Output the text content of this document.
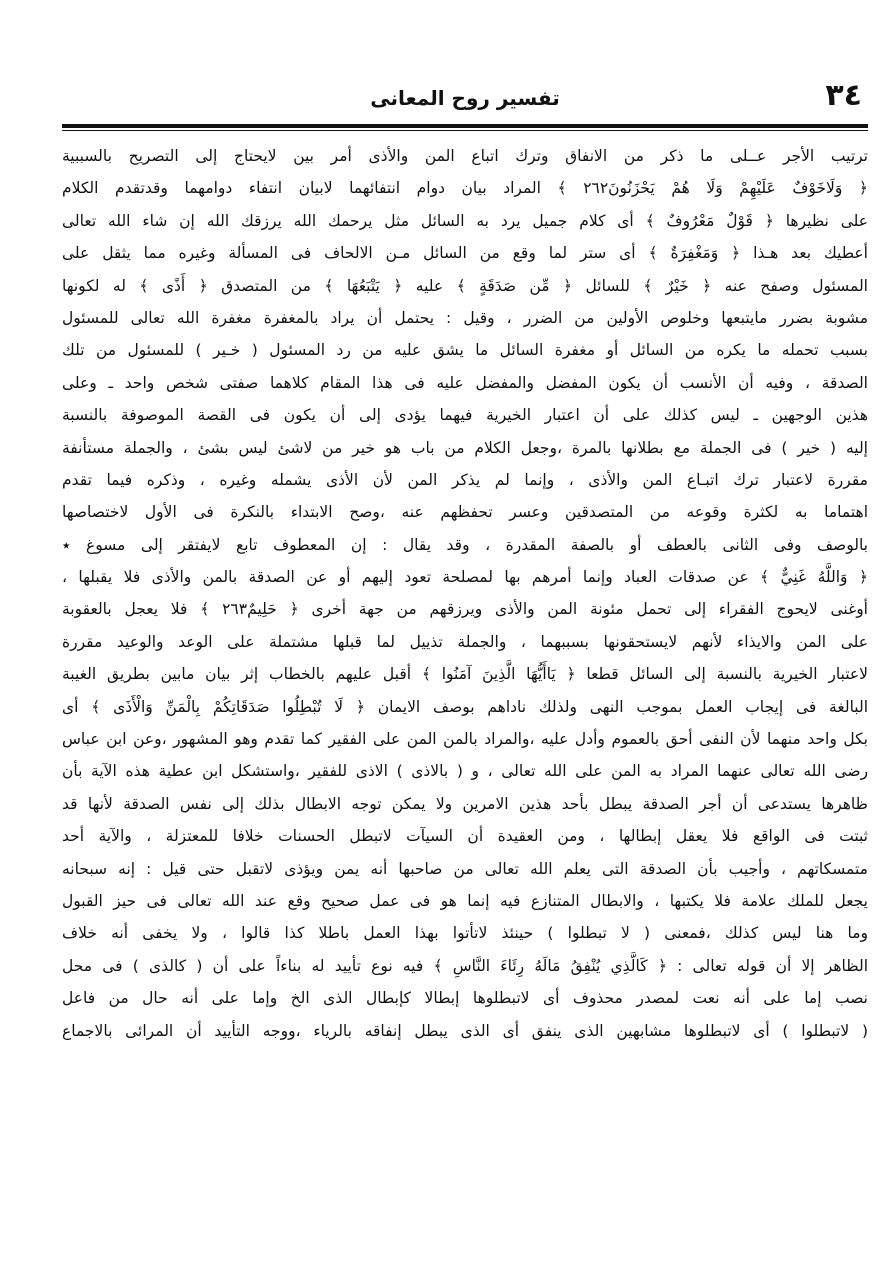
٣٤
تفسير روح المعانى
ترتيب الأجر عــلى ما ذكر من الانفاق وترك اتباع المن والأذى أمر بين لايحتاج إلى التصريح بالسببية
﴿ وَلَاخَوْفٌ عَلَيْهِمْ وَلَا هُمْ يَحْزَنُونَ٢٦٢ ﴾ المراد بيان دوام انتفائهما لابيان انتفاء دوامهما وقدتقدم الكلام
على نظيرها ﴿ قَوْلٌ مَعْرُوفٌ ﴾ أى كلام جميل يرد به السائل مثل يرحمك الله يرزقك الله إن شاء الله تعالى
أعطيك بعد هـذا ﴿ وَمَغْفِرَةٌ ﴾ أى ستر لما وقع من السائل مـن الالحاف فى المسألة وغيره مما يثقل على
المسئول وصفح عنه ﴿ خَيْرٌ ﴾ للسائل ﴿ مِّن صَدَقَةٍ ﴾ عليه ﴿ يَتْبَعُهَا ﴾ من المتصدق ﴿ أَذًى ﴾ له لكونها
مشوبة بضرر مايتبعها وخلوص الأولين من الضرر ، وقيل : يحتمل أن يراد بالمغفرة مغفرة الله تعالى للمسئول
بسبب تحمله ما يكره من السائل أو مغفرة السائل ما يشق عليه من رد المسئول ( خـير ) للمسئول من تلك
الصدقة ، وفيه أن الأنسب أن يكون المفضل والمفضل عليه فى هذا المقام كلاهما صفتى شخص واحد ـ وعلى
هذين الوجهين ـ ليس كذلك على أن اعتبار الخيرية فيهما يؤدى إلى أن يكون فى القصة الموصوفة بالنسبة
إليه ( خير ) فى الجملة مع بطلانها بالمرة ،وجعل الكلام من باب هو خير من لاشئ ليس بشئ ، والجملة مستأنفة
مقررة لاعتبار ترك اتبـاع المن والأذى ، وإنما لم يذكر المن لأن الأذى يشمله وغيره ، وذكره فيما تقدم
اهتماما به لكثرة وقوعه من المتصدقين وعسر تحفظهم عنه ،وصح الابتداء بالنكرة فى الأول لاختصاصها
بالوصف وفى الثانى بالعطف أو بالصفة المقدرة ، وقد يقال : إن المعطوف تابع لايفتقر إلى مسوغ ٭
﴿ وَاللَّهُ غَنِيٌّ ﴾ عن صدقات العباد وإنما أمرهم بها لمصلحة تعود إليهم أو عن الصدقة بالمن والأذى فلا يقبلها ،
أوغنى لايحوج الفقراء إلى تحمل مئونة المن والأذى ويرزقهم من جهة أخرى ﴿ حَلِيمٌ٢٦٣ ﴾ فلا يعجل بالعقوبة
على المن والايذاء لأنهم لايستحقونها بسببهما ، والجملة تذييل لما قبلها مشتملة على الوعد والوعيد مقررة
لاعتبار الخيرية بالنسبة إلى السائل قطعا ﴿ يَاأَيُّهَا الَّذِينَ آمَنُوا ﴾ أقبل عليهم بالخطاب إثر بيان مابين بطريق الغيبة
البالغة فى إيجاب العمل بموجب النهى ولذلك ناداهم بوصف الايمان ﴿ لَا تُبْطِلُوا صَدَقَاتِكُمْ بِالْمَنِّ وَالْأَذَى ﴾ أى
بكل واحد منهما لأن النفى أحق بالعموم وأدل عليه ،والمراد بالمن المن على الفقير كما تقدم وهو المشهور ،وعن ابن عباس
رضى الله تعالى عنهما المراد به المن على الله تعالى ، و ( بالاذى ) الاذى للفقير ،واستشكل ابن عطية هذه الآية بأن
ظاهرها يستدعى أن أجر الصدقة يبطل بأحد هذين الامرين ولا يمكن توجه الابطال بذلك إلى نفس الصدقة لأنها قد
ثبتت فى الواقع فلا يعقل إبطالها ، ومن العقيدة أن السيآت لاتبطل الحسنات خلافا للمعتزلة ، والآية أحد
متمسكاتهم ، وأجيب بأن الصدقة التى يعلم الله تعالى من صاحبها أنه يمن ويؤذى لاتقبل حتى قيل : إنه سبحانه
يجعل للملك علامة فلا يكتبها ، والابطال المتنازع فيه إنما هو فى عمل صحيح وقع عند الله تعالى فى حيز القبول
وما هنا ليس كذلك ،فمعنى ( لا تبطلوا ) حينئذ لاتأتوا بهذا العمل باطلا كذا قالوا ، ولا يخفى أنه خلاف
الظاهر إلا أن قوله تعالى : ﴿ كَالَّذِي يُنْفِقُ مَالَهُ رِئَاءَ النَّاسِ ﴾ فيه نوع تأييد له بناءاً على أن ( كالذى ) فى محل
نصب إما على أنه نعت لمصدر محذوف أى لاتبطلوها إبطالا كإبطال الذى الخ وإما على أنه حال من فاعل
( لاتبطلوا ) أى لاتبطلوها مشابهين الذى ينفق أى الذى يبطل إنفاقه بالرياء ،ووجه التأييد أن المرائى بالاجماع
